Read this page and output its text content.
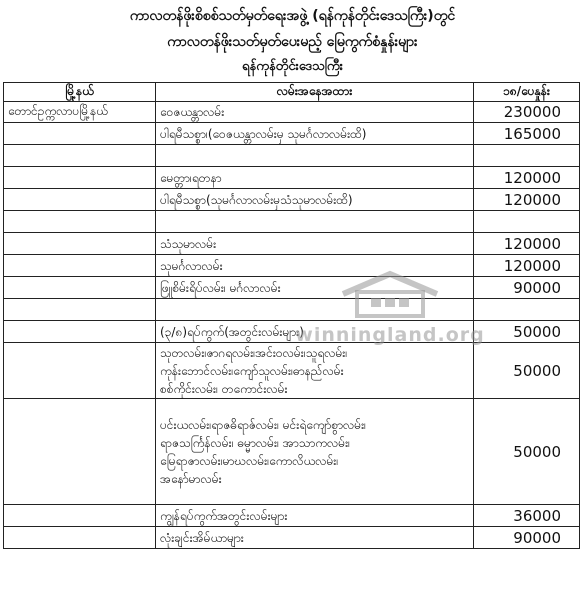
ကာလတန်ဖိုးစိစစ်သတ်မှတ်ရေးအဖွဲ့ (ရန်ကုန်တိုင်းဒေသကြီး)တွင်
ကာလတန်ဖိုးသတ်မှတ်ပေးမည့် မြေကွက်စံနှုန်းများ
ရန်ကုန်တိုင်းဒေသကြီး
မြို့နယ်	လမ်းအနေအထား	၁၈/ပေနှုန်း
တောင်ဥက္ကလာပမြို့နယ်	ဝေဇယန္တာလမ်း	230000
	ပါရမီသစ္စာ၊(ဝေဇယန္တာလမ်းမှ သုမင်္ဂလာလမ်းထိ)	165000

	မေတ္တာ၊ရတနာ	120000
	ပါရမီသစ္စာ(သုမင်္ဂလာလမ်းမှသံသုမာလမ်းထိ)	120000

	သံသုမာလမ်း	120000
	သုမင်္ဂလာလမ်း	120000
	ဖြူစိမ်းရိပ်လမ်း၊ မင်္ဂလာလမ်း	90000

	(၃/၈)ရပ်ကွက်(အတွင်းလမ်းများ)	50000
	သုတလမ်း၊ဇာဂရလမ်း၊အင်းဝလမ်း၊သူရလမ်း၊
ကုန်းဘောင်လမ်း၊ကျော်သူလမ်း၊ဓာနည်လမ်း
စစ်ကိုင်းလမ်း၊ တကောင်းလမ်း	50000
	ပင်းယလမ်း၊ရာဇဓိရာဇ်လမ်း၊ မင်းရဲကျော်စွာလမ်း၊
ရာဇသင်္ကြန်လမ်း၊ ဓမ္မာလမ်း၊ အာသာကလမ်း၊
မြေရာဇာလမ်း၊မာဃလမ်း၊ကောလိယလမ်း၊
အနော်မာလမ်း	50000
	ကျွန်ရပ်ကွက်အတွင်းလမ်းများ	36000
	လုံးချင်းအိမ်ယာများ	90000
winningland.org
